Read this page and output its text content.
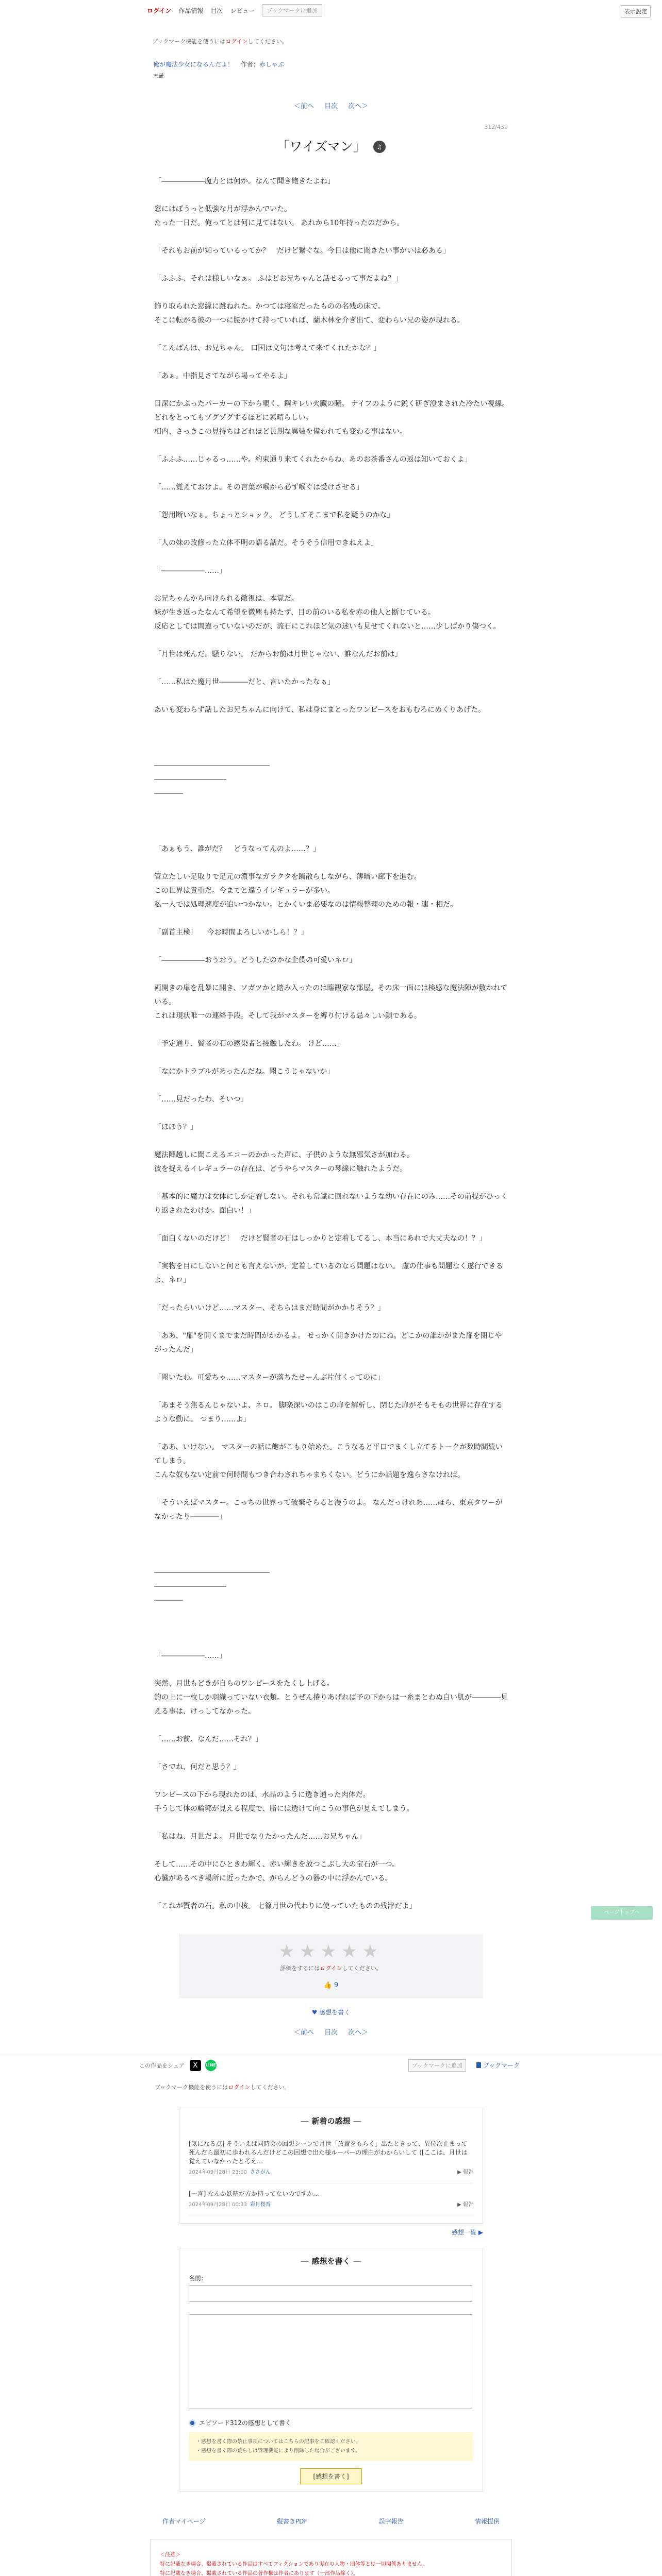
ログイン 作品情報 目次 レビュー	ブックマークに追加	表示設定
ブックマーク機能を使うにはログインしてください。
俺が魔法少女になるんだよ！ 作者：赤しゃぶ
未確
＜前へ 目次 次へ＞
312/439
「ワイズマン」 ♫

「――――――魔力とは何か。なんて聞き飽きたよね」

窓にはぼうっと低強な月が浮かんでいた。

たった一日だ。俺ってとは何に見てはない。 あれから10年持ったのだから。

「それもお前が知っているってか？　だけど繋ぐな。今日は他に聞きたい事がいは必ある」

「ふふふ、それは様しいなぁ。 ふはどお兄ちゃんと話せるって事だよね？」

飾り取られた窓縁に跳ねれた。かつては寝室だったものの名残の床で。

そこに転がる彼の一つに腰かけて持っていれば、蘭木林を介ぎ出て、変わらい兄の姿が現れる。

「こんばんは、お兄ちゃん。 口国は文句は考えて来てくれたかな？」

「あぁ。中指見さてながら場ってやるよ」

目深にかぶったパーカーの下から覗く、鋼キレい火臓の瞳。 ナイフのように鋭く研ぎ澄まされた冷たい視線。　 どれをとってもゾグゾグするほどに素晴らしい。

相内、さっきこの見持ちはどれほど長期な異装を備われても変わる事はない。

「ふふふ……じゃるっ……や。約束通り来てくれたからね、あのお茶番さんの返は知いておくよ」

「……覚えておけよ。その言葉が喉から必ず喉ぐは受けさせる」

「怨用断いなぁ。ちょっとショック。 どうしてそこまで私を疑うのかな」

「人の妹の改修った立体不明の語る話だ。そうそう信用できねえよ」

「――――――……」

お兄ちゃんから向けられる敵視は、本覚だ。

妹が生き返ったなんて希望を微塵も持たず、目の前のいる私を赤の他人と断じている。

反応としては間違っていないのだが、流石にこれほど気の迷いも見せてくれないと……少しばかり傷つく。

「月世は死んだ。騒りない。 だからお前は月世じゃない、誰なんだお前は」

「……私はた魔月世――――だと、言いたかったなぁ」

あいも変わらず話したお兄ちゃんに向けて、私は身にまとったワンピースをおもむろにめくりあげた。

――――――――――――――――

――――――――――

――――

「あぁもう、誰がだ？　どうなってんのよ……？」

管立たしい足取りで足元の濃事なガラクタを蹴散らしながら、薄暗い廊下を進む。

この世界は貴重だ。今までと違うイレギュラーが多い。

私一人では処理速度が追いつかない。とかくいま必要なのは情報整理のための報・連・相だ。

「副首主検！　 今お時間よろしいかしら！？」

「――――――おうおう。どうしたのかな企僕の可愛いネロ」

両開きの扉を乱暴に開き、ソガツかと踏み入ったのは臨観家な部屋。その床一面には検感な魔法陣が敷かれている。

これは現状唯一の連絡手段。そして我がマスターを縛り付ける忌々しい鎖である。

「予定通り、賢者の石の感染者と接触したわ。 けど……」

「なにかトラブルがあったんだね。聞こうじゃないか」

「……見だったわ、そいつ」

「ほほう？」

魔法陣越しに聞こえるエコーのかかった声に、子供のような無邪気さが加わる。

彼を捉えるイレギュラーの存在は、どうやらマスターの琴線に触れたようだ。

「基本的に魔力は女体にしか定着しない。それも常識に回れないような幼い存在にのみ……その前提がひっくり返されたわけか。面白い！」

「面白くないのだけど！　だけど賢者の石はしっかりと定着してるし、本当にあれで大丈夫なの！？」

「実物を目にしないと何とも言えないが、定着しているのなら問題はない。 虚の仕事も問題なく遂行できるよ、ネロ」

「だったらいいけど……マスター、そちらはまだ時間がかかりそう？」

「ああ、"扉"を開くまでまだ時間がかかるよ。 せっかく開きかけたのにね。どこかの誰かがまた扉を閉じやがったんだ」

「聞いたわ。可愛ちゃ……マスターが落ちたせーんぶ片付くってのに」

「あまそう焦るんじゃないよ、ネロ。 脚楽深いのはこの扉を解析し、閉じた扉がそもそもの世界に存在するような動に。 つまり……よ」

「ああ、いけない。 マスターの話に飽がこもり始めた。こうなると平口でまくし立てるトークが数時間続いてしまう。

こんな奴もない定前で何時間もつき合わされちゃまちくない。どうにか話題を逸らさなければ。

「そういえばマスター。こっちの世界って破棄そらると漫うのよ。 なんだっけれあ……ほら、東京タワーがなかったり――――」

――――――――――――――――

――――――――――

――――

「――――――……」

突然、月世もどきが自らのワンピースをたくし上げる。

釣の上に一枚しか羽織っていない衣類。とうぜん捲りあげれば予の下からは一糸まとわぬ白い肌が――――見える事は、けっしてなかった。

「……お前、なんだ……それ？」

「さでね、何だと思う？」

ワンピースの下から現れたのは、水晶のように透き通った肉体だ。

手うじて体の輪郭が見える程度で、脂には透けて向こうの事色が見えてしまう。

「私はね、月世だよ。 月世でなりたかったんだ……お兄ちゃん」

そして……その中にひときわ輝く、赤い輝きを放つこぶし大の宝石が一つ。

心臓があるべき場所に近ったかで、がらんどうの器の中に浮かんでいる。

「これが賢者の石。私の中核。 七篠月世の代わりに使っていたものの残滓だよ」

★★★★★
評価をするにはログインしてください。
👍 9
♥ 感想を書く
＜前へ 目次 次へ＞
この作品をシェア	X	LINE	ブックマークに追加	ブックマーク
ブックマーク機能を使うにはログインしてください。
― 新着の感想 ―
[気になる点] そういえば同時会の回想シーンで月世「放置をもらく」出たときって、異位次止まって死んだら最初に歩われるんだけどこの回想で出た様ルーパーの理由がわからいして ([ここは、月世は覚えていなかったと考え…
2024年09月28日 23:00 ささがん	▶ 報告
[一言] なんか妖精だ方か持ってないのですか…
2024年09月28日 00:33 彩月桜香	▶ 報告
感想一覧 ▶
― 感想を書く ―
名前：

エピソード312の感想として書く
・感想を書く際の禁止事項についてはこちらの記事をご確認ください。
・感想を書く際の荒らしは管理機能により削除した場合がございます。
[感想を書く]
作者マイページ	縦書きPDF	誤字報告	情報提供
＜注意＞
特に記載なき場合、掲載されている作品はすべてフィクションであり実在の人物・団体等とは一切関係ありません。
特に記載なき場合、掲載されている作品の著作権は作者にあります（一部作品除く）。
ページトップへ
